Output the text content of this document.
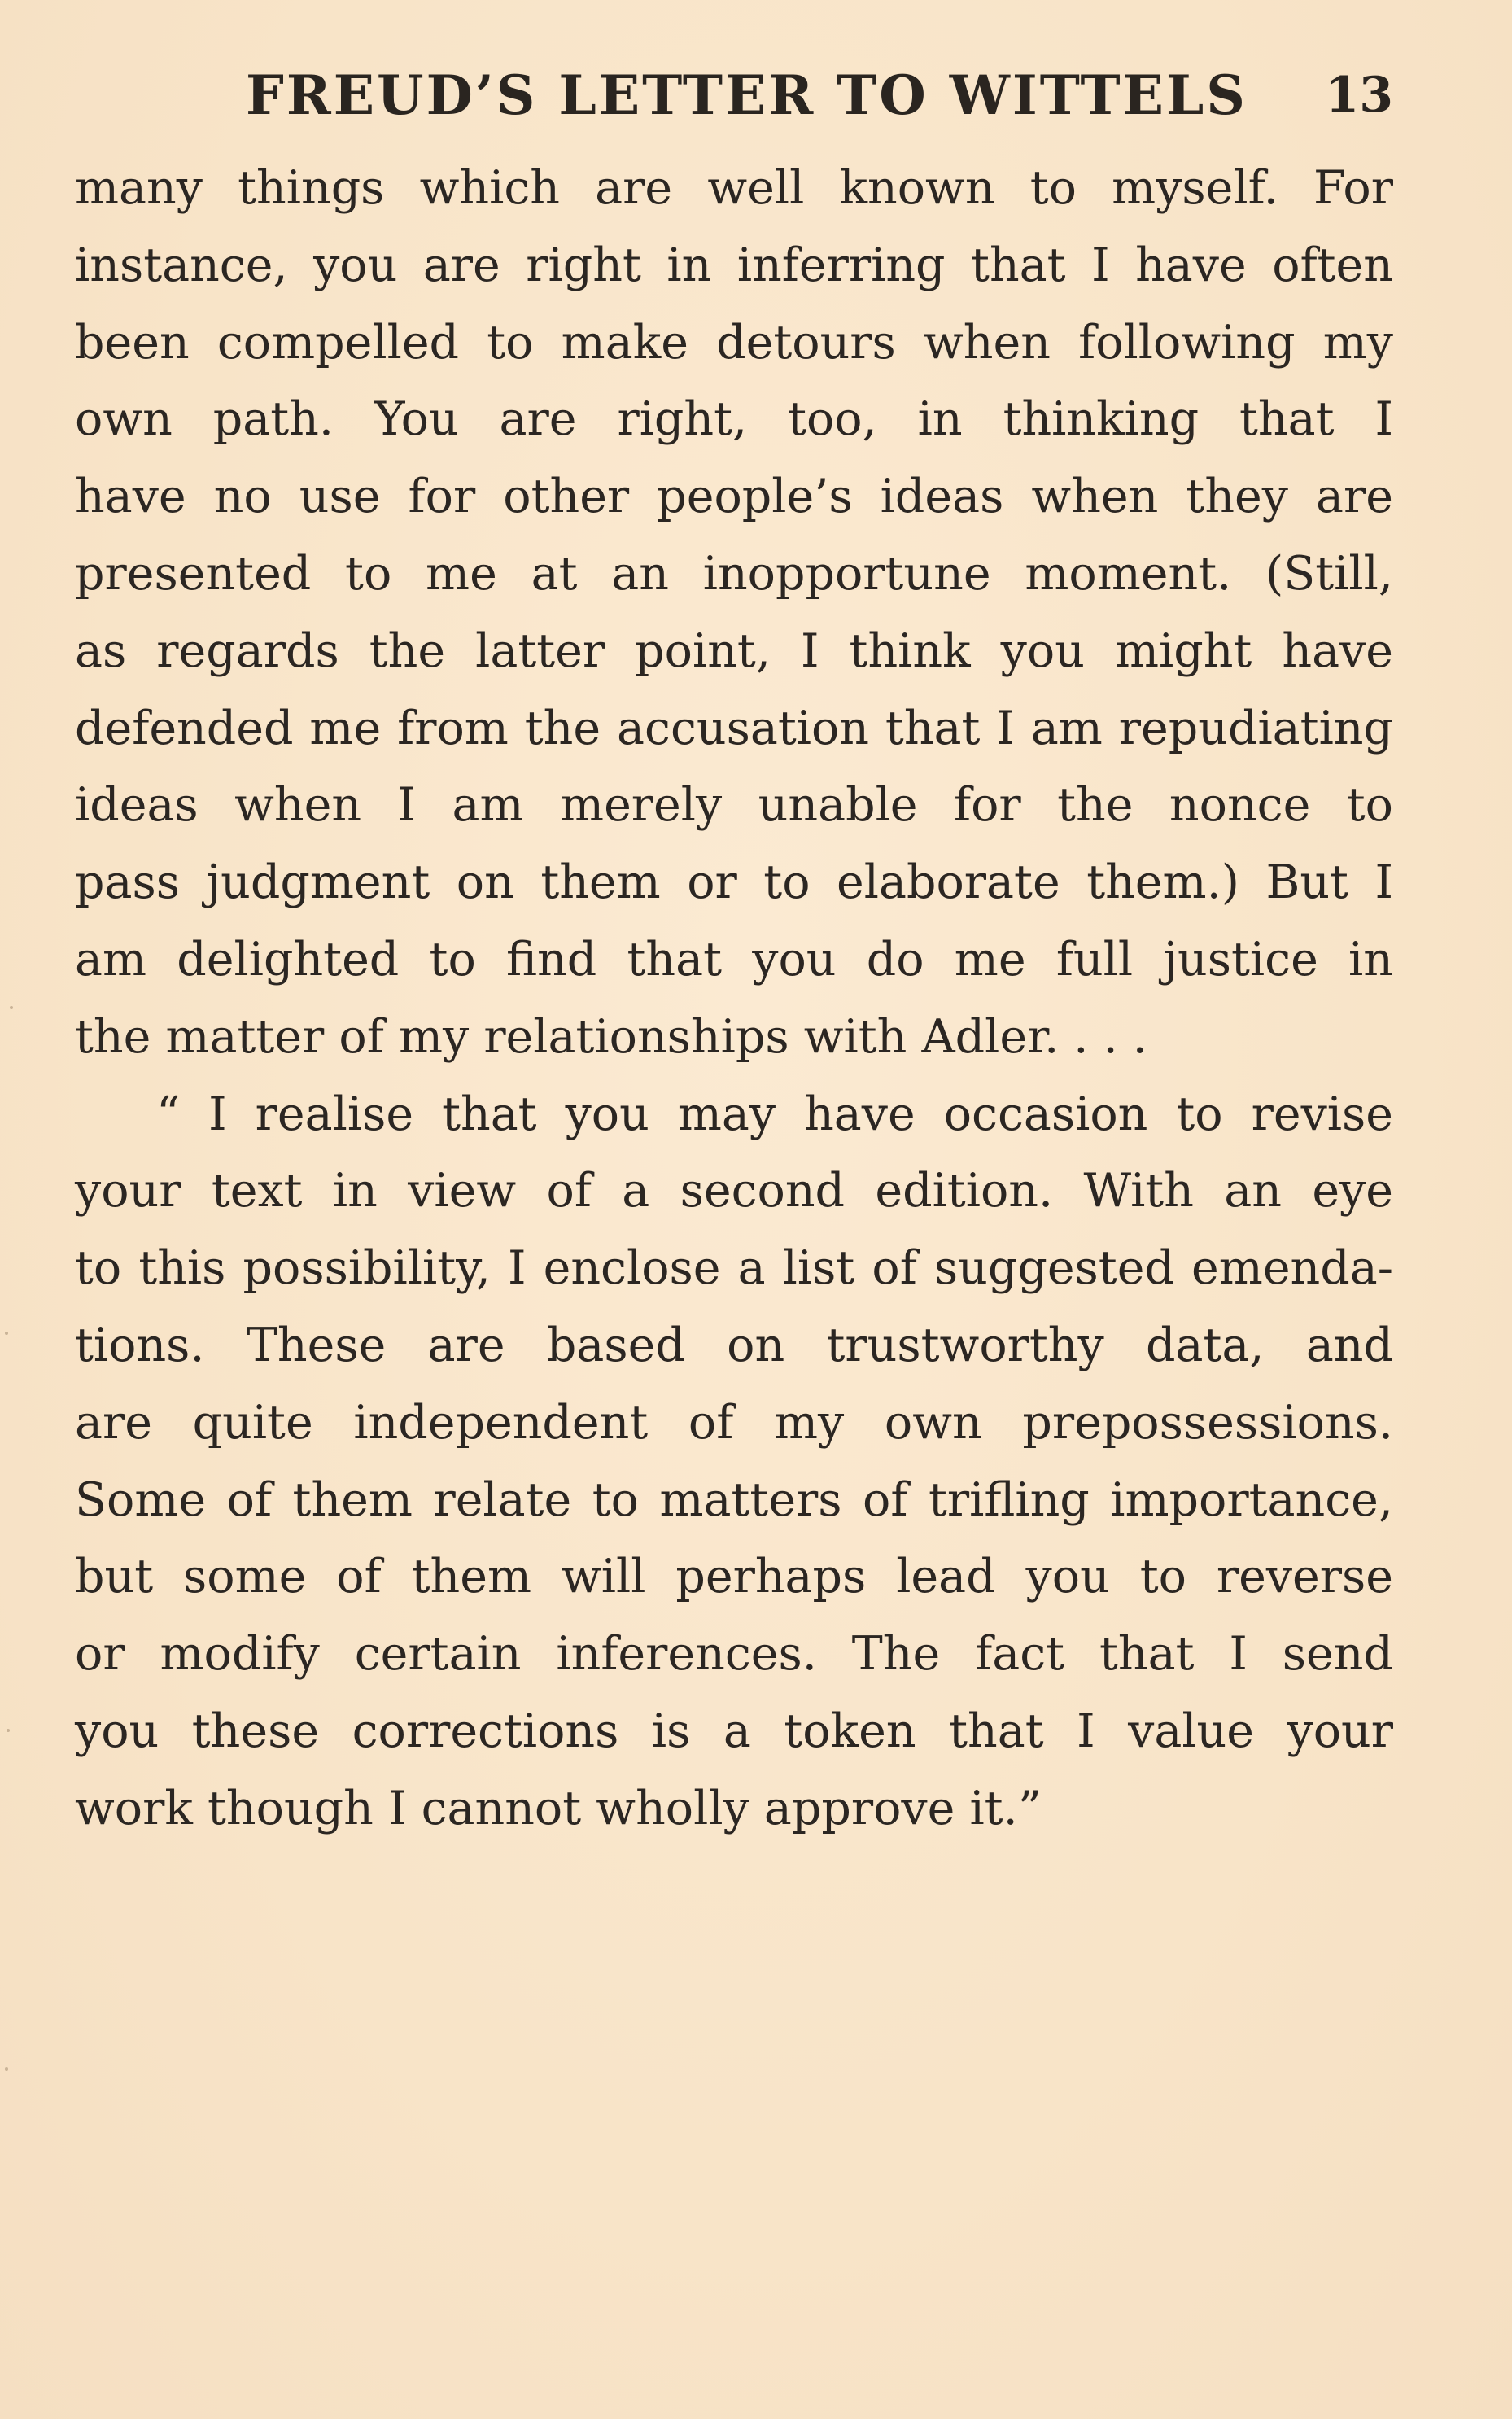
FREUD’S LETTER TO WITTELS 13
many things which are well known to myself. For
instance, you are right in inferring that I have often
been compelled to make detours when following my
own path. You are right, too, in thinking that I
have no use for other people’s ideas when they are
presented to me at an inopportune moment. (Still,
as regards the latter point, I think you might have
defended me from the accusation that I am repudiating
ideas when I am merely unable for the nonce to
pass judgment on them or to elaborate them.) But I
am delighted to find that you do me full justice in
the matter of my relationships with Adler. . . .
“ I realise that you may have occasion to revise
your text in view of a second edition. With an eye
to this possibility, I enclose a list of suggested emenda-
tions. These are based on trustworthy data, and
are quite independent of my own prepossessions.
Some of them relate to matters of trifling importance,
but some of them will perhaps lead you to reverse
or modify certain inferences. The fact that I send
you these corrections is a token that I value your
work though I cannot wholly approve it.”
